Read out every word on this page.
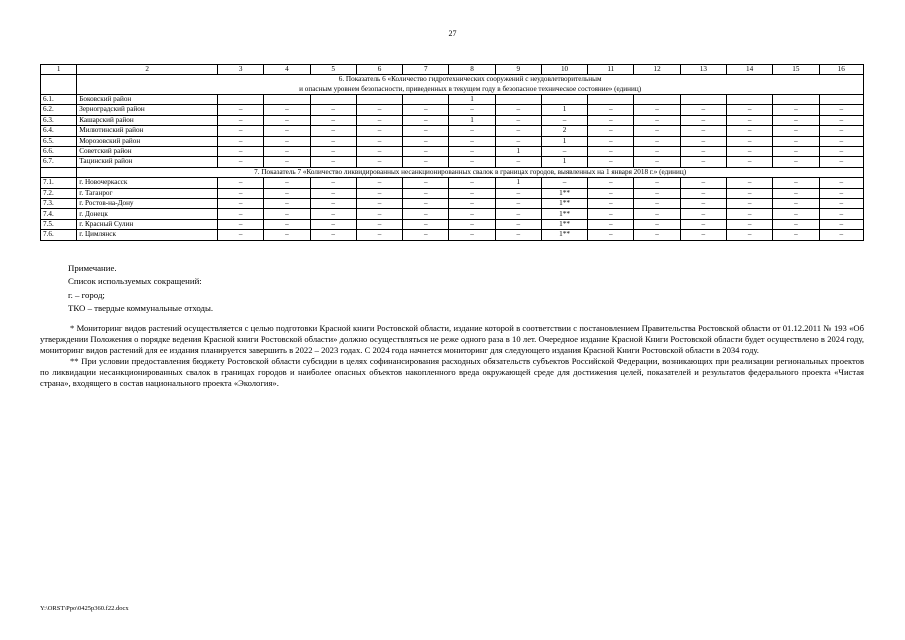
27
1	2	3	4	5	6	7	8	9	10	11	12	13	14	15	16

	6. Показатель 6 «Количество гидротехнических сооружений с неудовлетворительным
и опасным уровнем безопасности, приведенных в текущем году в безопасное техническое состояние» (единиц)														

6.1.	Боковский район						1								
6.2.	Зерноградский район	–	–	–	–	–	–	–	1	–	–	–	–	–	–
6.3.	Кашарский район	–	–	–	–	–	1	–	–	–	–	–	–	–	–
6.4.	Милютинский район	–	–	–	–	–	–	–	2	–	–	–	–	–	–
6.5.	Морозовский район	–	–	–	–	–	–	–	1	–	–	–	–	–	–
6.6.	Советский район	–	–	–	–	–	–	1	–	–	–	–	–	–	–
6.7.	Тацинский район	–	–	–	–	–	–	–	1	–	–	–	–	–	–

	7. Показатель 7 «Количество ликвидированных несанкционированных свалок в границах городов, выявленных на 1 января 2018 г.» (единиц)														

7.1.	г. Новочеркасск	–	–	–	–	–	–	1	–	–	–	–	–	–	–
7.2.	г. Таганрог	–	–	–	–	–	–	–	1**	–	–	–	–	–	–
7.3.	г. Ростов-на-Дону	–	–	–	–	–	–	–	1**	–	–	–	–	–	–
7.4.	г. Донецк	–	–	–	–	–	–	–	1**	–	–	–	–	–	–
7.5.	г. Красный Сулин	–	–	–	–	–	–	–	1**	–	–	–	–	–	–
7.6.	г. Цимлянск	–	–	–	–	–	–	–	1**	–	–	–	–	–	–
Примечание.
Список используемых сокращений:
г. – город;
ТКО – твердые коммунальные отходы.

* Мониторинг видов растений осуществляется с целью подготовки Красной книги Ростовской области, издание которой в соответствии с постановлением Правительства Ростовской области от 01.12.2011 № 193 «Об утверждении Положения о порядке ведения Красной книги Ростовской области» должно осуществляться не реже одного раза в 10 лет. Очередное издание Красной Книги Ростовской области будет осуществлено в 2024 году, мониторинг видов растений для ее издания планируется завершить в 2022 – 2023 годах. С 2024 года начнется мониторинг для следующего издания Красной Книги Ростовской области в 2034 году.

** При условии предоставления бюджету Ростовской области субсидии в целях софинансирования расходных обязательств субъектов Российской Федерации, возникающих при реализации региональных проектов по ликвидации несанкционированных свалок в границах городов и наиболее опасных объектов накопленного вреда окружающей среде для достижения целей, показателей и результатов федерального проекта «Чистая страна», входящего в состав национального проекта «Экология».

Y:\ORST\Ppo\0425p360.f22.docx
